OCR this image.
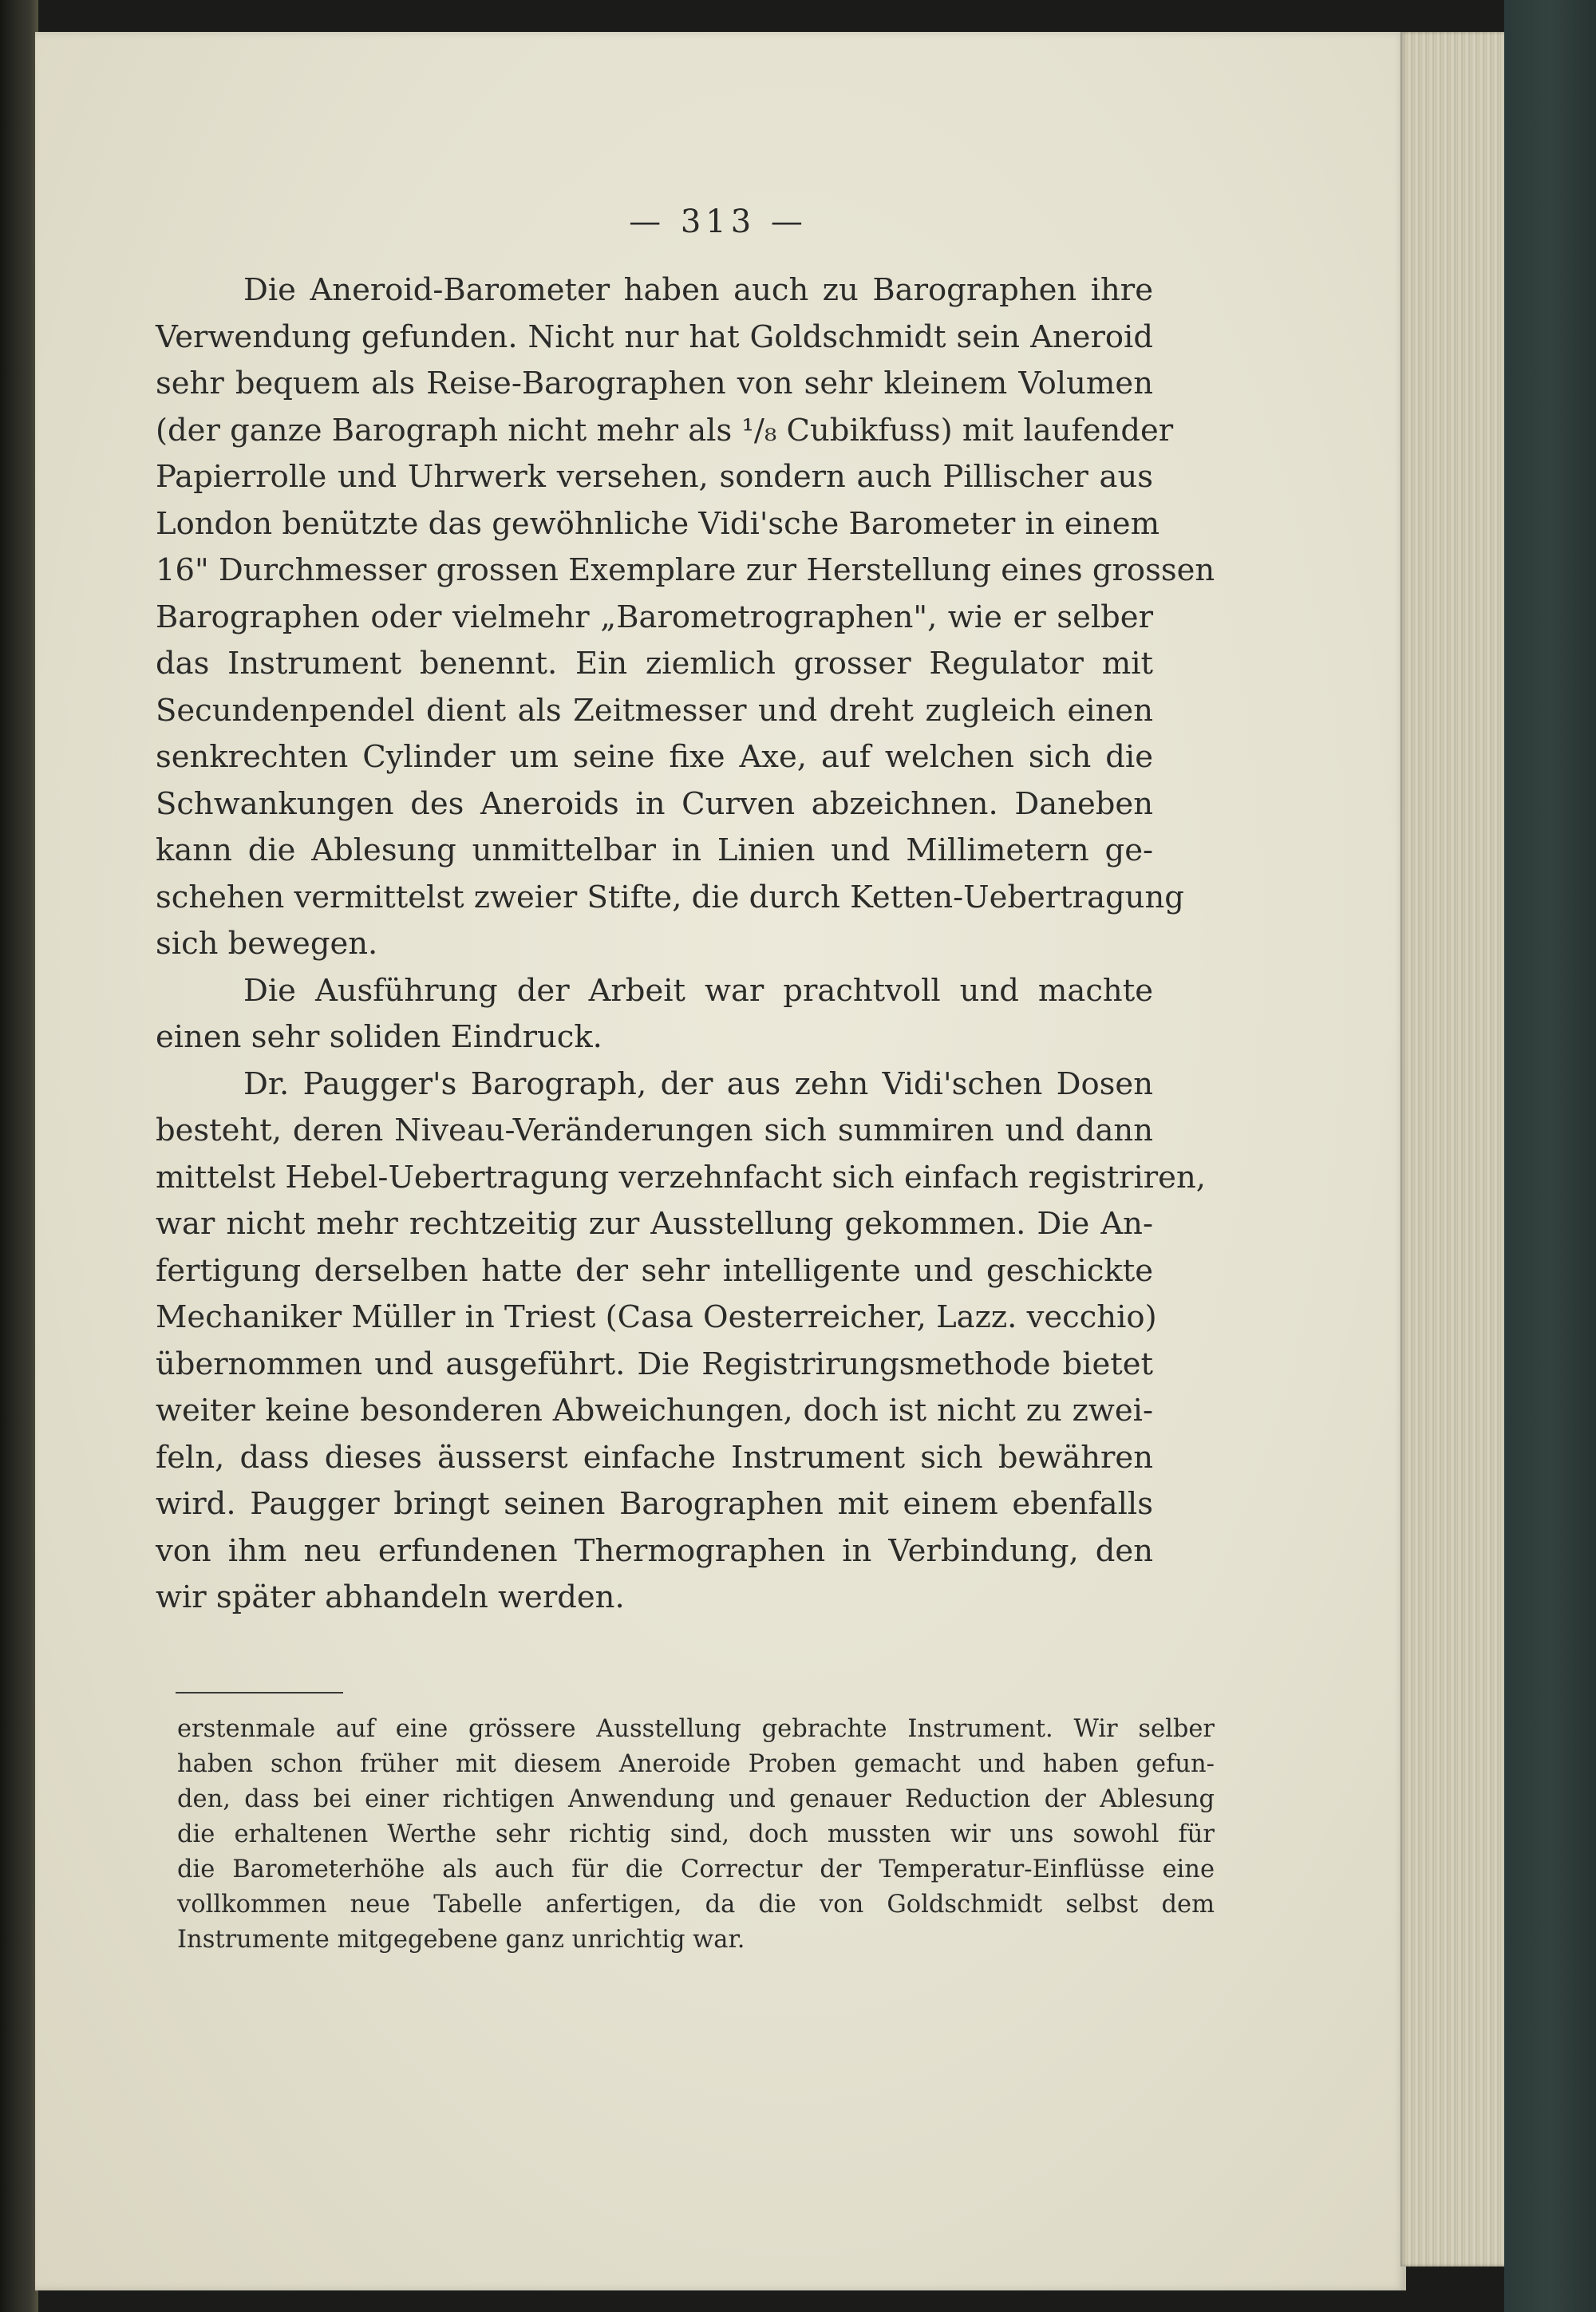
— 313 —
Die Aneroid-Barometer haben auch zu Barographen ihre
Verwendung gefunden. Nicht nur hat Goldschmidt sein Aneroid
sehr bequem als Reise-Barographen von sehr kleinem Volumen
(der ganze Barograph nicht mehr als ¹/₈ Cubikfuss) mit laufender
Papierrolle und Uhrwerk versehen, sondern auch Pillischer aus
London benützte das gewöhnliche Vidi'sche Barometer in einem
16" Durchmesser grossen Exemplare zur Herstellung eines grossen
Barographen oder vielmehr „Barometrographen", wie er selber
das Instrument benennt. Ein ziemlich grosser Regulator mit
Secundenpendel dient als Zeitmesser und dreht zugleich einen
senkrechten Cylinder um seine fixe Axe, auf welchen sich die
Schwankungen des Aneroids in Curven abzeichnen. Daneben
kann die Ablesung unmittelbar in Linien und Millimetern ge-
schehen vermittelst zweier Stifte, die durch Ketten-Uebertragung
sich bewegen.
Die Ausführung der Arbeit war prachtvoll und machte
einen sehr soliden Eindruck.
Dr. Paugger's Barograph, der aus zehn Vidi'schen Dosen
besteht, deren Niveau-Veränderungen sich summiren und dann
mittelst Hebel-Uebertragung verzehnfacht sich einfach registriren,
war nicht mehr rechtzeitig zur Ausstellung gekommen. Die An-
fertigung derselben hatte der sehr intelligente und geschickte
Mechaniker Müller in Triest (Casa Oesterreicher, Lazz. vecchio)
übernommen und ausgeführt. Die Registrirungsmethode bietet
weiter keine besonderen Abweichungen, doch ist nicht zu zwei-
feln, dass dieses äusserst einfache Instrument sich bewähren
wird. Paugger bringt seinen Barographen mit einem ebenfalls
von ihm neu erfundenen Thermographen in Verbindung, den
wir später abhandeln werden.
erstenmale auf eine grössere Ausstellung gebrachte Instrument. Wir selber
haben schon früher mit diesem Aneroide Proben gemacht und haben gefun-
den, dass bei einer richtigen Anwendung und genauer Reduction der Ablesung
die erhaltenen Werthe sehr richtig sind, doch mussten wir uns sowohl für
die Barometerhöhe als auch für die Correctur der Temperatur-Einflüsse eine
vollkommen neue Tabelle anfertigen, da die von Goldschmidt selbst dem
Instrumente mitgegebene ganz unrichtig war.
